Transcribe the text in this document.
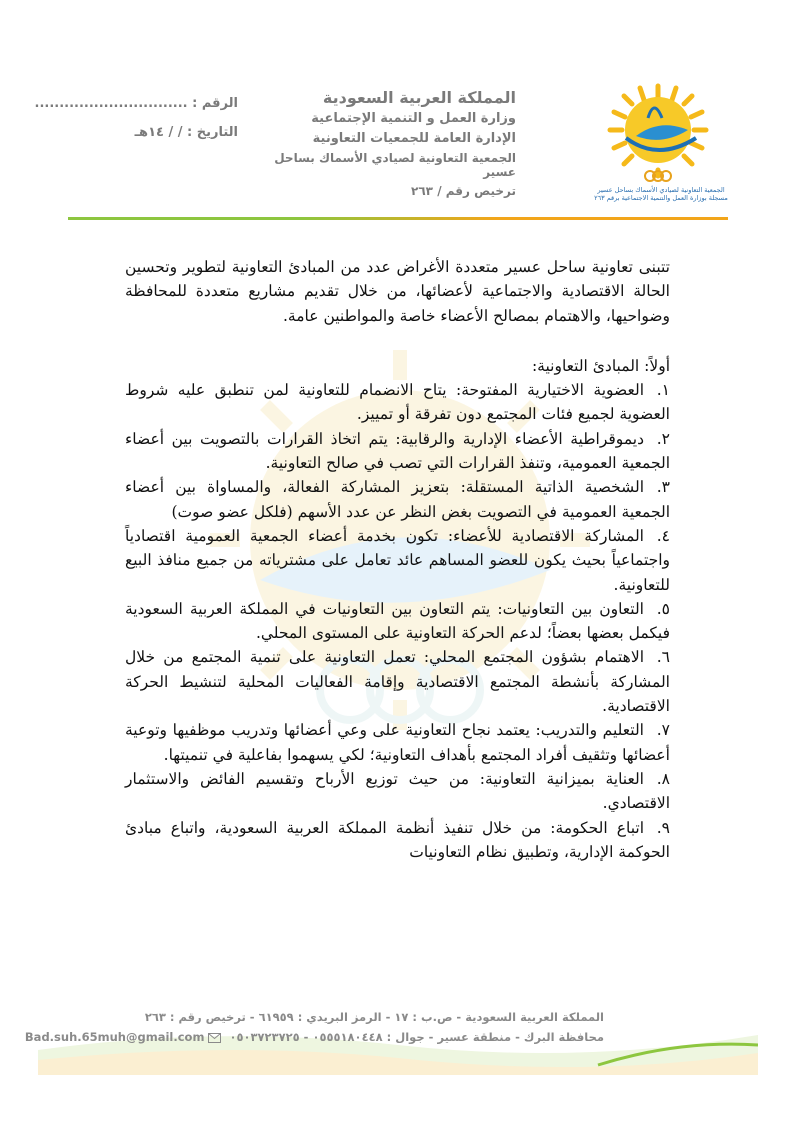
الجمعية التعاونية لصيادي الأسماك بساحل عسير
مسجلة بوزارة العمل والتنمية الاجتماعية برقم ٢٦٣
المملكة العربية السعودية
وزارة العمل و التنمية الإجتماعية
الإدارة العامة للجمعيات التعاونية
الجمعية التعاونية لصيادي الأسماك بساحل عسير
ترخيص رقم / ٢٦٣
الرقم : ...............................
التاريخ : / / ١٤هـ

تتبنى تعاونية ساحل عسير متعددة الأغراض عدد من المبادئ التعاونية لتطوير وتحسين الحالة الاقتصادية والاجتماعية لأعضائها، من خلال تقديم مشاريع متعددة للمحافظة وضواحيها، والاهتمام بمصالح الأعضاء خاصة والمواطنين عامة.

أولاً: المبادئ التعاونية:

١.العضوية الاختيارية المفتوحة: يتاح الانضمام للتعاونية لمن تنطبق عليه شروط العضوية لجميع فئات المجتمع دون تفرقة أو تمييز.

٢.ديموقراطية الأعضاء الإدارية والرقابية: يتم اتخاذ القرارات بالتصويت بين أعضاء الجمعية العمومية، وتنفذ القرارات التي تصب في صالح التعاونية.

٣.الشخصية الذاتية المستقلة: بتعزيز المشاركة الفعالة، والمساواة بين أعضاء الجمعية العمومية في التصويت بغض النظر عن عدد الأسهم (فلكل عضو صوت)

٤.المشاركة الاقتصادية للأعضاء: تكون بخدمة أعضاء الجمعية العمومية اقتصادياً واجتماعياً بحيث يكون للعضو المساهم عائد تعامل على مشترياته من جميع منافذ البيع للتعاونية.

٥.التعاون بين التعاونيات: يتم التعاون بين التعاونيات في المملكة العربية السعودية فيكمل بعضها بعضاً؛ لدعم الحركة التعاونية على المستوى المحلي.

٦.الاهتمام بشؤون المجتمع المحلي: تعمل التعاونية على تنمية المجتمع من خلال المشاركة بأنشطة المجتمع الاقتصادية وإقامة الفعاليات المحلية لتنشيط الحركة الاقتصادية.

٧.التعليم والتدريب: يعتمد نجاح التعاونية على وعي أعضائها وتدريب موظفيها وتوعية أعضائها وتثقيف أفراد المجتمع بأهداف التعاونية؛ لكي يسهموا بفاعلية في تنميتها.

٨.العناية بميزانية التعاونية: من حيث توزيع الأرباح وتقسيم الفائض والاستثمار الاقتصادي.

٩.اتباع الحكومة: من خلال تنفيذ أنظمة المملكة العربية السعودية، واتباع مبادئ الحوكمة الإدارية، وتطبيق نظام التعاونيات

المملكة العربية السعودية - ص.ب : ١٧ - الرمز البريدي : ٦١٩٥٩ - ترخيص رقم : ٢٦٣
محافظة البرك - منطقة عسير - جوال : ٠٥٥٥١٨٠٤٤٨ - ٠٥٠٣٧٢٣٧٢٥  Bad.suh.65muh@gmail.com
